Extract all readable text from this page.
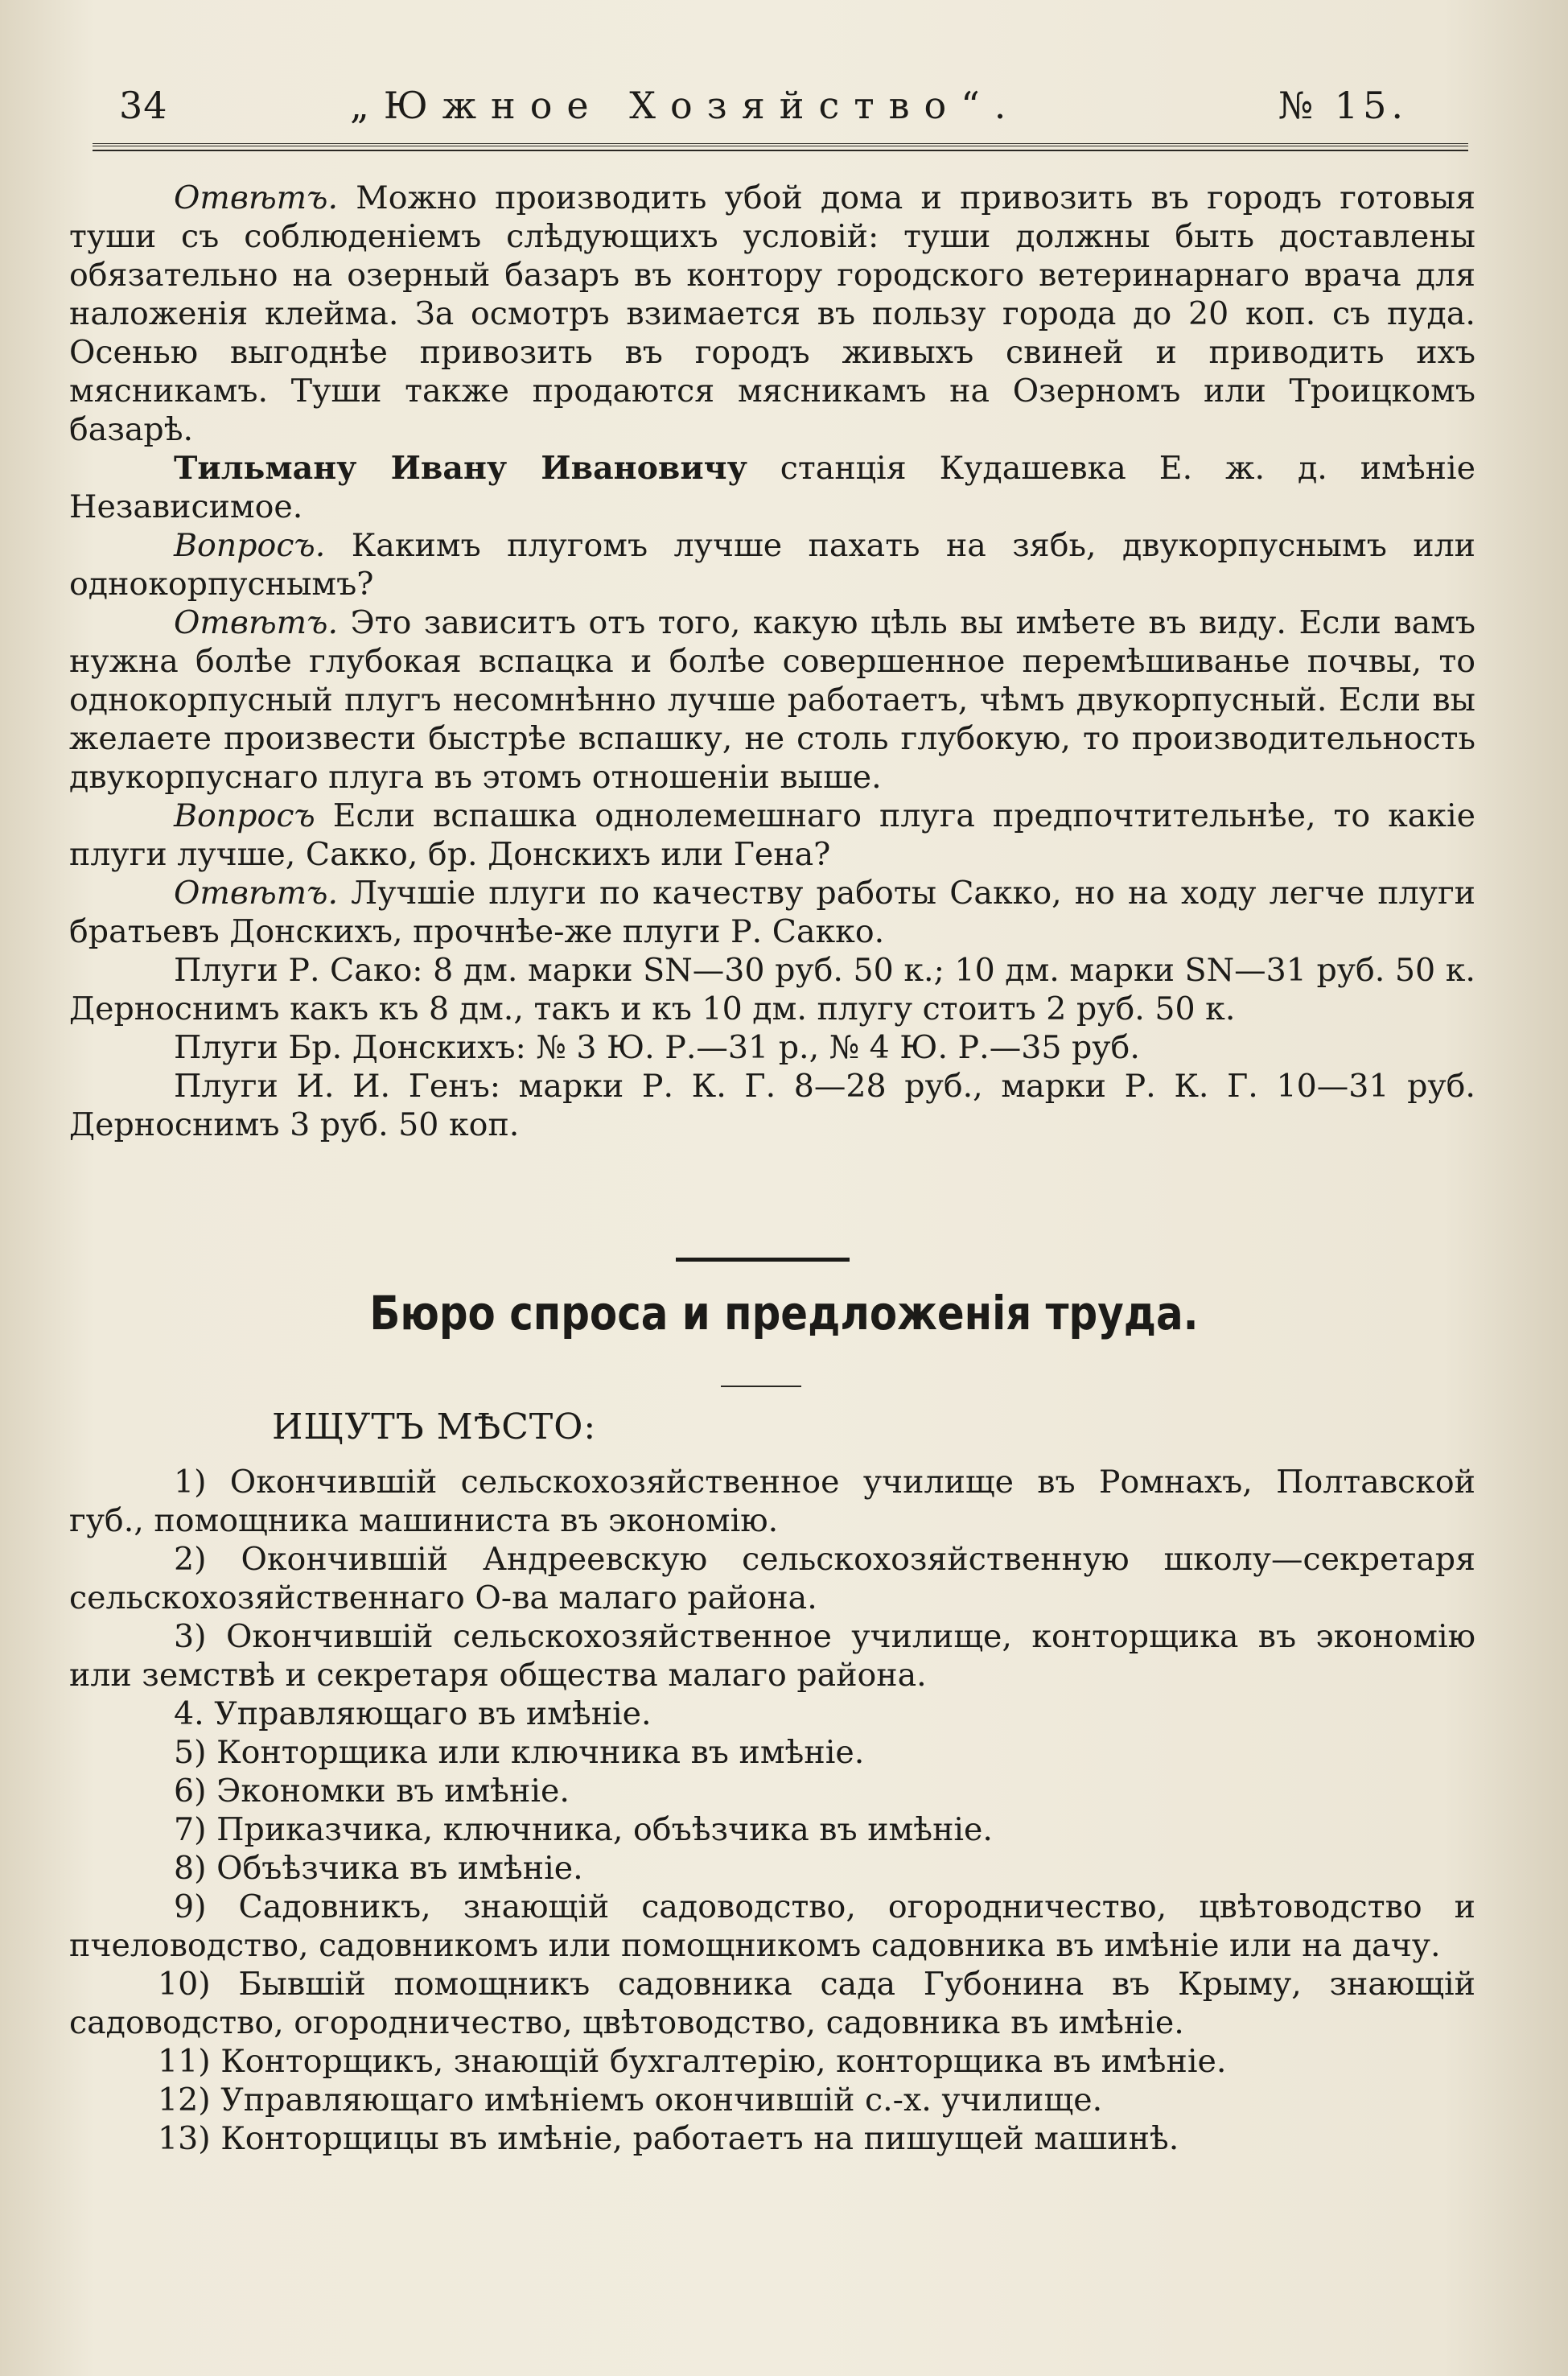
34	„Южное Хозяйство“.	№ 15.

Отвѣтъ. Можно производить убой дома и привозить въ городъ готовыя туши съ соблюденіемъ слѣдующихъ условій: туши должны быть доставлены обязательно на озерный базаръ въ контору городского ветеринарнаго врача для наложенія клейма. За осмотръ взимается въ пользу города до 20 коп. съ пуда. Осенью выгоднѣе привозить въ городъ живыхъ свиней и приводить ихъ мясникамъ. Туши также продаются мясникамъ на Озерномъ или Троицкомъ базарѣ.

Тильману Ивану Ивановичу станція Кудашевка Е. ж. д. имѣніе Независимое.

Вопросъ. Какимъ плугомъ лучше пахать на зябь, двукорпуснымъ или однокорпуснымъ?

Отвѣтъ. Это зависитъ отъ того, какую цѣль вы имѣете въ виду. Если вамъ нужна болѣе глубокая вспацка и болѣе совершенное перемѣшиванье почвы, то однокорпусный плугъ несомнѣнно лучше работаетъ, чѣмъ двукорпусный. Если вы желаете произвести быстрѣе вспашку, не столь глубокую, то производительность двукорпуснаго плуга въ этомъ отношеніи выше.

Вопросъ Если вспашка однолемешнаго плуга предпочтительнѣе, то какіе плуги лучше, Сакко, бр. Донскихъ или Гена?

Отвѣтъ. Лучшіе плуги по качеству работы Сакко, но на ходу легче плуги братьевъ Донскихъ, прочнѣе-же плуги Р. Сакко.

Плуги Р. Сако: 8 дм. марки SN—30 руб. 50 к.; 10 дм. марки SN—31 руб. 50 к. Дерноснимъ какъ къ 8 дм., такъ и къ 10 дм. плугу стоитъ 2 руб. 50 к.

Плуги Бр. Донскихъ: № 3 Ю. Р.—31 р., № 4 Ю. Р.—35 руб.

Плуги И. И. Генъ: марки Р. К. Г. 8—28 руб., марки Р. К. Г. 10—31 руб. Дерноснимъ 3 руб. 50 коп.

Бюро спроса и предложенія труда.
ИЩУТЪ МѢСТО:

1) Окончившій сельскохозяйственное училище въ Ромнахъ, Полтавской губ., помощника машиниста въ экономію.

2) Окончившій Андреевскую сельскохозяйственную школу—секретаря сельскохозяйственнаго О-ва малаго района.

3) Окончившій сельскохозяйственное училище, конторщика въ экономію или земствѣ и секретаря общества малаго района.

4. Управляющаго въ имѣніе.

5) Конторщика или ключника въ имѣніе.

6) Экономки въ имѣніе.

7) Приказчика, ключника, объѣзчика въ имѣніе.

8) Объѣзчика въ имѣніе.

9) Садовникъ, знающій садоводство, огородничество, цвѣтоводство и пчеловодство, садовникомъ или помощникомъ садовника въ имѣніе или на дачу.

10) Бывшій помощникъ садовника сада Губонина въ Крыму, знающій садоводство, огородничество, цвѣтоводство, садовника въ имѣніе.

11) Конторщикъ, знающій бухгалтерію, конторщика въ имѣніе.

12) Управляющаго имѣніемъ окончившій с.-х. училище.

13) Конторщицы въ имѣніе, работаетъ на пишущей машинѣ.
